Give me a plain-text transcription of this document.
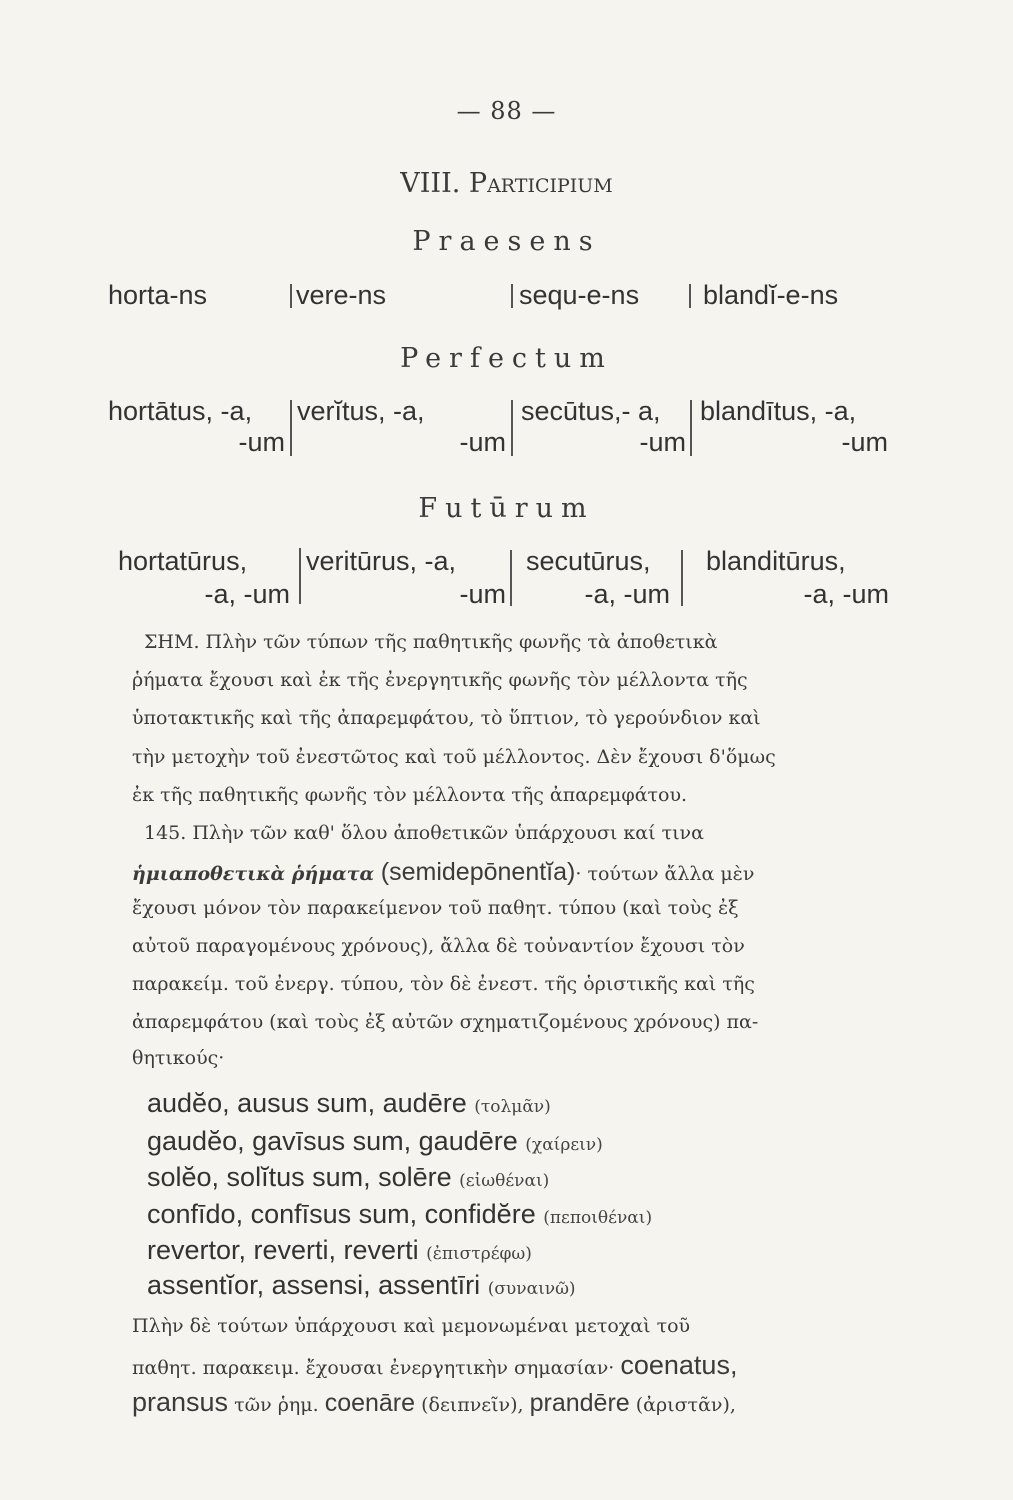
— 88 —
VIII. Participium
Praesens
horta-ns	vere-ns	sequ-e-ns blandĭ-e-ns
Perfectum
hortātus, -a,
-um
verĭtus, -a,
-um
secūtus,- a,
-um
blandītus, -a,
-um
Futūrum
hortatūrus,
-a, -um
veritūrus, -a,
-um
secutūrus,
-a, -um
blanditūrus,
-a, -um
ΣΗΜ. Πλὴν τῶν τύπων τῆς παθητικῆς φωνῆς τὰ ἀποθετικὰ
ῥήματα ἔχουσι καὶ ἐκ τῆς ἐνεργητικῆς φωνῆς τὸν μέλλοντα τῆς
ὑποτακτικῆς καὶ τῆς ἀπαρεμφάτου, τὸ ὕπτιον, τὸ γερούνδιον καὶ
τὴν μετοχὴν τοῦ ἐνεστῶτος καὶ τοῦ μέλλοντος. Δὲν ἔχουσι δ'ὅμως
ἐκ τῆς παθητικῆς φωνῆς τὸν μέλλοντα τῆς ἀπαρεμφάτου.
145. Πλὴν τῶν καθ' ὅλου ἀποθετικῶν ὑπάρχουσι καί τινα
ἡμιαποθετικὰ ῥήματα (semidepōnentĭa)· τούτων ἄλλα μὲν
ἔχουσι μόνον τὸν παρακείμενον τοῦ παθητ. τύπου (καὶ τοὺς ἐξ
αὐτοῦ παραγομένους χρόνους), ἄλλα δὲ τοὐναντίον ἔχουσι τὸν
παρακείμ. τοῦ ἐνεργ. τύπου, τὸν δὲ ἐνεστ. τῆς ὁριστικῆς καὶ τῆς
ἀπαρεμφάτου (καὶ τοὺς ἐξ αὐτῶν σχηματιζομένους χρόνους) πα-
θητικούς·
audĕo, ausus sum, audēre (τολμᾶν)
gaudĕo, gavīsus sum, gaudēre (χαίρειν)
solĕo, solĭtus sum, solēre (εἰωθέναι)
confīdo, confīsus sum, confidĕre (πεποιθέναι)
revertor, reverti, reverti (ἐπιστρέφω)
assentĭor, assensi, assentīri (συναινῶ)
Πλὴν δὲ τούτων ὑπάρχουσι καὶ μεμονωμέναι μετοχαὶ τοῦ
παθητ. παρακειμ. ἔχουσαι ἐνεργητικὴν σημασίαν· coenatus,
pransus τῶν ῥημ. coenāre (δειπνεῖν), prandēre (ἀριστᾶν),
